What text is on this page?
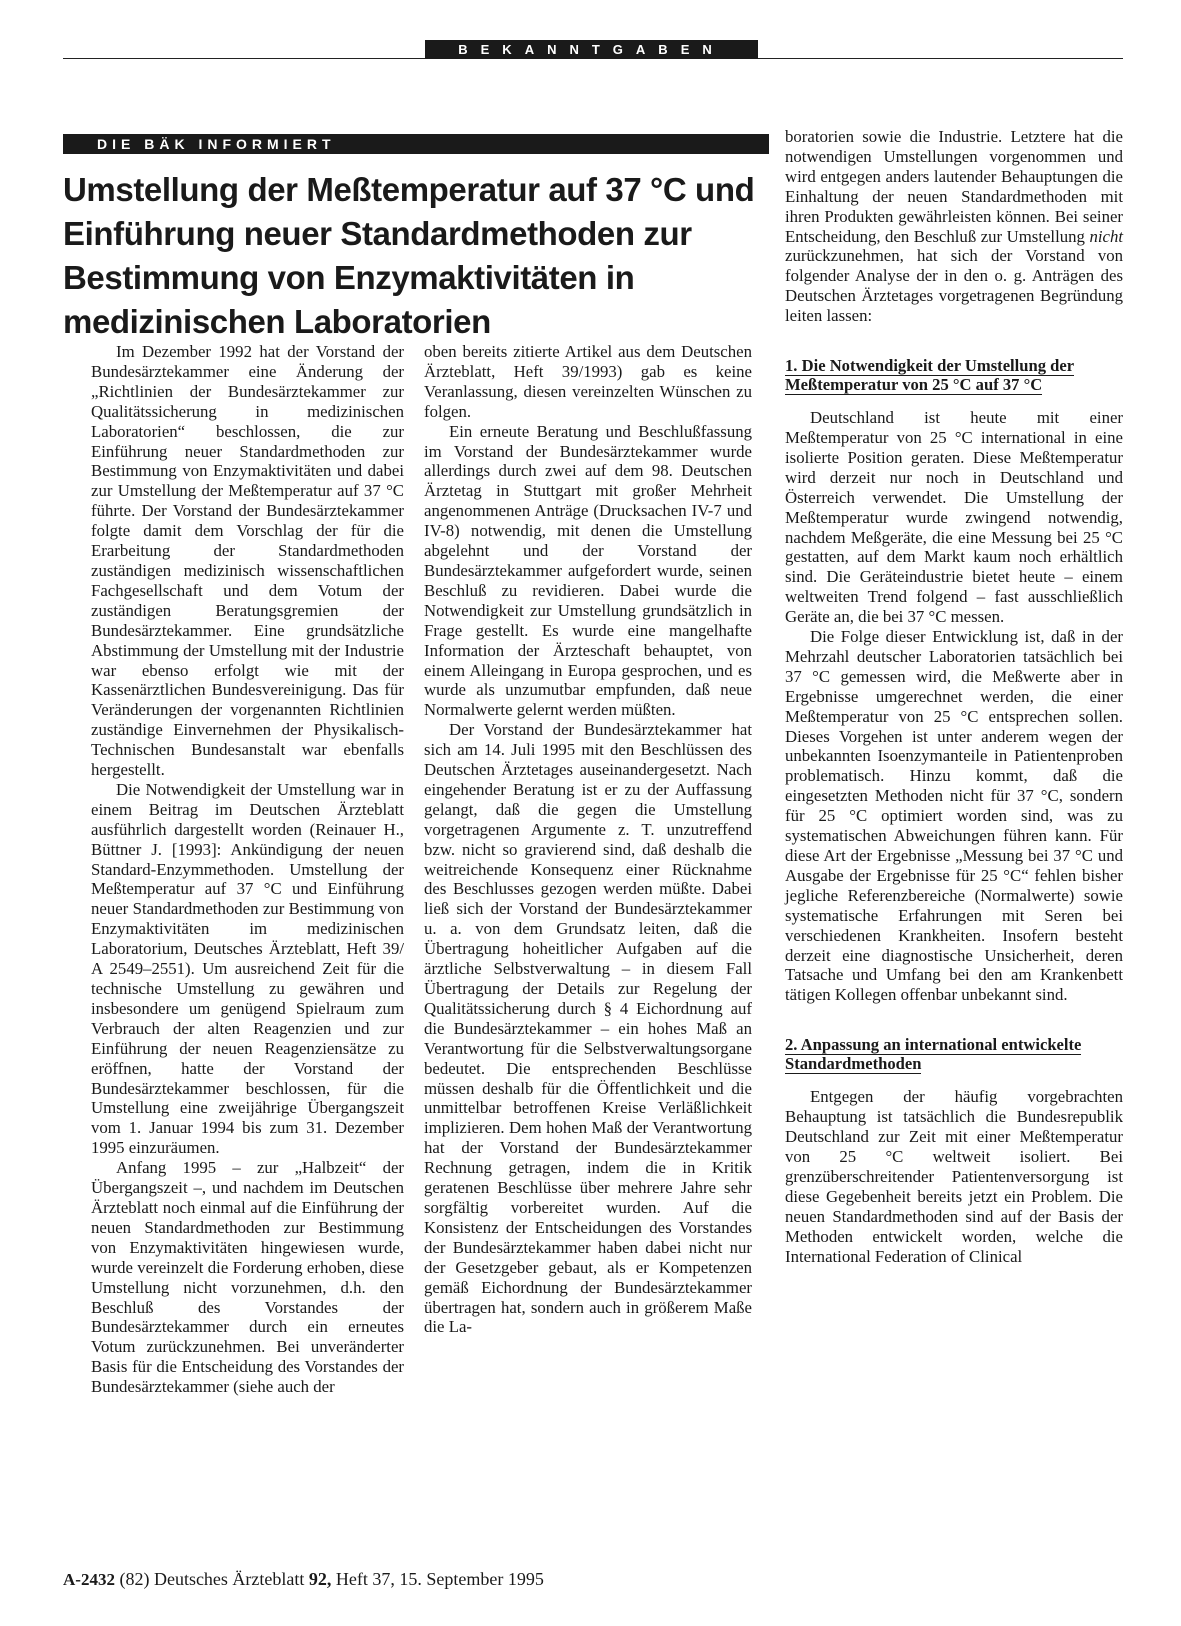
BEKANNTGABEN
DIE BÄK INFORMIERT
Umstellung der Meßtemperatur auf 37 °C und Einführung neuer Standardmethoden zur Bestimmung von Enzymaktivitäten in medizinischen Laboratorien

Im Dezember 1992 hat der Vorstand der Bundesärztekammer eine Änderung der „Richtlinien der Bundesärztekammer zur Qualitätssicherung in medizinischen Laboratorien“ beschlossen, die zur Einführung neuer Standardmethoden zur Bestimmung von Enzymaktivitäten und dabei zur Umstellung der Meßtemperatur auf 37 °C führte. Der Vorstand der Bundesärztekammer folgte damit dem Vorschlag der für die Erarbeitung der Standardmethoden zuständigen medizinisch wissenschaftlichen Fachgesellschaft und dem Votum der zuständigen Beratungsgremien der Bundesärztekammer. Eine grundsätzliche Abstimmung der Umstellung mit der Industrie war ebenso erfolgt wie mit der Kassenärztlichen Bundesvereinigung. Das für Veränderungen der vorgenannten Richtlinien zuständige Einvernehmen der Physikalisch-Technischen Bundesanstalt war ebenfalls hergestellt.

Die Notwendigkeit der Umstellung war in einem Beitrag im Deutschen Ärzteblatt ausführlich dargestellt worden (Reinauer H., Büttner J. [1993]: Ankündigung der neuen Standard-Enzymmethoden. Umstellung der Meßtemperatur auf 37 °C und Einführung neuer Standardmethoden zur Bestimmung von Enzymaktivitäten im medizinischen Laboratorium, Deutsches Ärzteblatt, Heft 39/ A 2549–2551). Um ausreichend Zeit für die technische Umstellung zu gewähren und insbesondere um genügend Spielraum zum Verbrauch der alten Reagenzien und zur Einführung der neuen Reagenziensätze zu eröffnen, hatte der Vorstand der Bundesärztekammer beschlossen, für die Umstellung eine zweijährige Übergangszeit vom 1. Januar 1994 bis zum 31. Dezember 1995 einzuräumen.

Anfang 1995 – zur „Halbzeit“ der Übergangszeit –, und nachdem im Deutschen Ärzteblatt noch einmal auf die Einführung der neuen Standardmethoden zur Bestimmung von Enzymaktivitäten hingewiesen wurde, wurde vereinzelt die Forderung erhoben, diese Umstellung nicht vorzunehmen, d.h. den Beschluß des Vorstandes der Bundesärztekammer durch ein erneutes Votum zurückzunehmen. Bei unveränderter Basis für die Entscheidung des Vorstandes der Bundesärztekammer (siehe auch der

oben bereits zitierte Artikel aus dem Deutschen Ärzteblatt, Heft 39/1993) gab es keine Veranlassung, diesen vereinzelten Wünschen zu folgen.

Ein erneute Beratung und Beschlußfassung im Vorstand der Bundesärztekammer wurde allerdings durch zwei auf dem 98. Deutschen Ärztetag in Stuttgart mit großer Mehrheit angenommenen Anträge (Drucksachen IV-7 und IV-8) notwendig, mit denen die Umstellung abgelehnt und der Vorstand der Bundesärztekammer aufgefordert wurde, seinen Beschluß zu revidieren. Dabei wurde die Notwendigkeit zur Umstellung grundsätzlich in Frage gestellt. Es wurde eine mangelhafte Information der Ärzteschaft behauptet, von einem Alleingang in Europa gesprochen, und es wurde als unzumutbar empfunden, daß neue Normalwerte gelernt werden müßten.

Der Vorstand der Bundesärztekammer hat sich am 14. Juli 1995 mit den Beschlüssen des Deutschen Ärztetages auseinandergesetzt. Nach eingehender Beratung ist er zu der Auffassung gelangt, daß die gegen die Umstellung vorgetragenen Argumente z. T. unzutreffend bzw. nicht so gravierend sind, daß deshalb die weitreichende Konsequenz einer Rücknahme des Beschlusses gezogen werden müßte. Dabei ließ sich der Vorstand der Bundesärztekammer u. a. von dem Grundsatz leiten, daß die Übertragung hoheitlicher Aufgaben auf die ärztliche Selbstverwaltung – in diesem Fall Übertragung der Details zur Regelung der Qualitätssicherung durch § 4 Eichordnung auf die Bundesärztekammer – ein hohes Maß an Verantwortung für die Selbstverwaltungsorgane bedeutet. Die entsprechenden Beschlüsse müssen deshalb für die Öffentlichkeit und die unmittelbar betroffenen Kreise Verläßlichkeit implizieren. Dem hohen Maß der Verantwortung hat der Vorstand der Bundesärztekammer Rechnung getragen, indem die in Kritik geratenen Beschlüsse über mehrere Jahre sehr sorgfältig vorbereitet wurden. Auf die Konsistenz der Entscheidungen des Vorstandes der Bundesärztekammer haben dabei nicht nur der Gesetzgeber gebaut, als er Kompetenzen gemäß Eichordnung der Bundesärztekammer übertragen hat, sondern auch in größerem Maße die La-

boratorien sowie die Industrie. Letztere hat die notwendigen Umstellungen vorgenommen und wird entgegen anders lautender Behauptungen die Einhaltung der neuen Standardmethoden mit ihren Produkten gewährleisten können. Bei seiner Entscheidung, den Beschluß zur Umstellung nicht zurückzunehmen, hat sich der Vorstand von folgender Analyse der in den o. g. Anträgen des Deutschen Ärztetages vorgetragenen Begründung leiten lassen:

1. Die Notwendigkeit der Umstellung der Meßtemperatur von 25 °C auf 37 °C

Deutschland ist heute mit einer Meßtemperatur von 25 °C international in eine isolierte Position geraten. Diese Meßtemperatur wird derzeit nur noch in Deutschland und Österreich verwendet. Die Umstellung der Meßtemperatur wurde zwingend notwendig, nachdem Meßgeräte, die eine Messung bei 25 °C gestatten, auf dem Markt kaum noch erhältlich sind. Die Geräteindustrie bietet heute – einem weltweiten Trend folgend – fast ausschließlich Geräte an, die bei 37 °C messen.

Die Folge dieser Entwicklung ist, daß in der Mehrzahl deutscher Laboratorien tatsächlich bei 37 °C gemessen wird, die Meßwerte aber in Ergebnisse umgerechnet werden, die einer Meßtemperatur von 25 °C entsprechen sollen. Dieses Vorgehen ist unter anderem wegen der unbekannten Isoenzymanteile in Patientenproben problematisch. Hinzu kommt, daß die eingesetzten Methoden nicht für 37 °C, sondern für 25 °C optimiert worden sind, was zu systematischen Abweichungen führen kann. Für diese Art der Ergebnisse „Messung bei 37 °C und Ausgabe der Ergebnisse für 25 °C“ fehlen bisher jegliche Referenzbereiche (Normalwerte) sowie systematische Erfahrungen mit Seren bei verschiedenen Krankheiten. Insofern besteht derzeit eine diagnostische Unsicherheit, deren Tatsache und Umfang bei den am Krankenbett tätigen Kollegen offenbar unbekannt sind.

2. Anpassung an international entwickelte Standardmethoden

Entgegen der häufig vorgebrachten Behauptung ist tatsächlich die Bundesrepublik Deutschland zur Zeit mit einer Meßtemperatur von 25 °C weltweit isoliert. Bei grenzüberschreitender Patientenversorgung ist diese Gegebenheit bereits jetzt ein Problem. Die neuen Standardmethoden sind auf der Basis der Methoden entwickelt worden, welche die International Federation of Clinical

A-2432 (82) Deutsches Ärzteblatt 92, Heft 37, 15. September 1995
